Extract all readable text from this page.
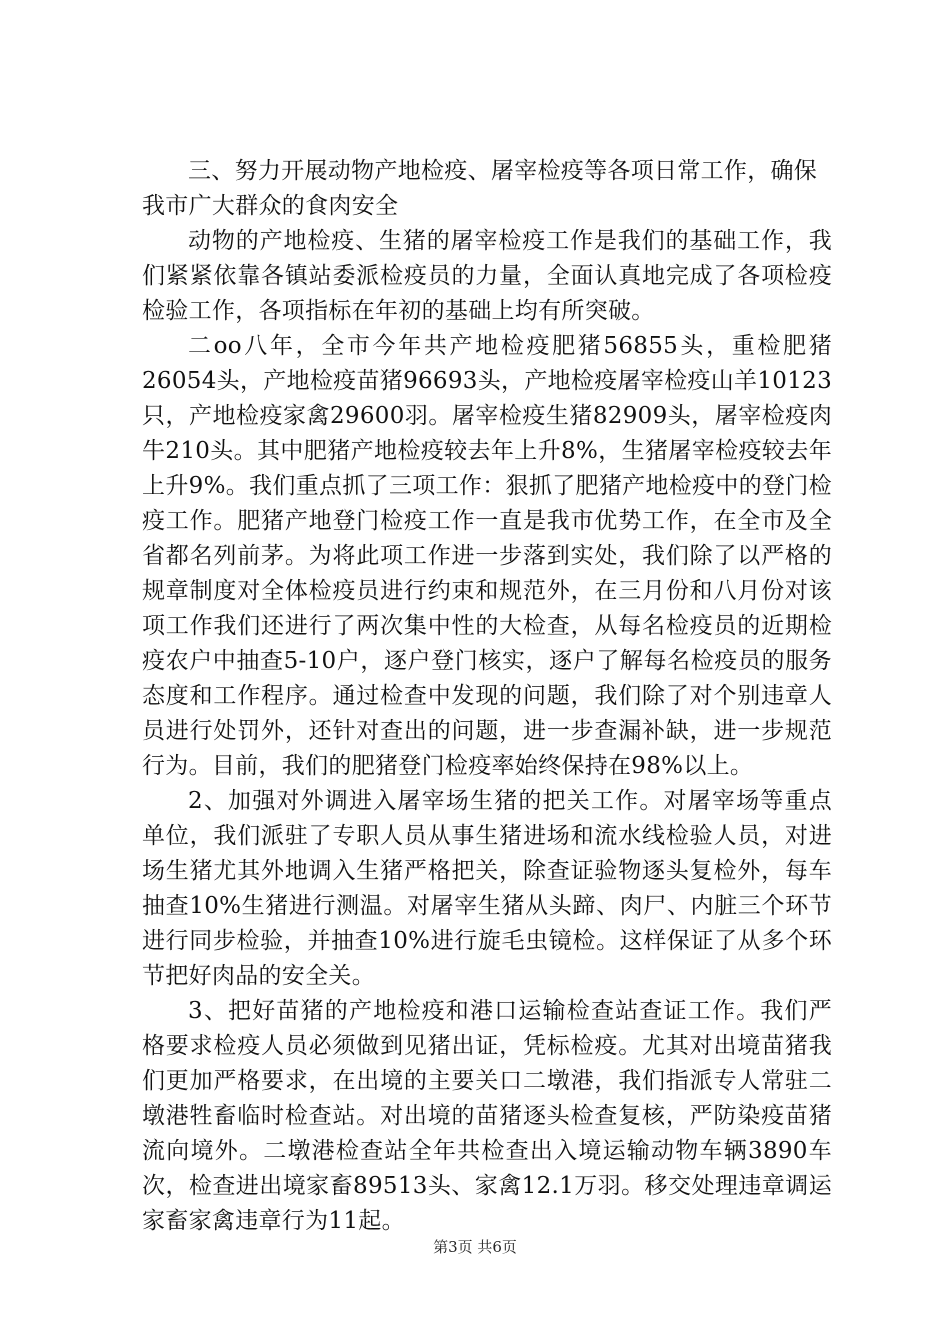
三、努力开展动物产地检疫、屠宰检疫等各项日常工作，确保我市广大群众的食肉安全

动物的产地检疫、生猪的屠宰检疫工作是我们的基础工作，我们紧紧依靠各镇站委派检疫员的力量，全面认真地完成了各项检疫检验工作，各项指标在年初的基础上均有所突破。

二oo八年，全市今年共产地检疫肥猪56855头，重检肥猪26054头，产地检疫苗猪96693头，产地检疫屠宰检疫山羊10123只，产地检疫家禽29600羽。屠宰检疫生猪82909头，屠宰检疫肉牛210头。其中肥猪产地检疫较去年上升8%，生猪屠宰检疫较去年上升9%。我们重点抓了三项工作：狠抓了肥猪产地检疫中的登门检疫工作。肥猪产地登门检疫工作一直是我市优势工作，在全市及全省都名列前茅。为将此项工作进一步落到实处，我们除了以严格的规章制度对全体检疫员进行约束和规范外，在三月份和八月份对该项工作我们还进行了两次集中性的大检查，从每名检疫员的近期检疫农户中抽查5-10户，逐户登门核实，逐户了解每名检疫员的服务态度和工作程序。通过检查中发现的问题，我们除了对个别违章人员进行处罚外，还针对查出的问题，进一步查漏补缺，进一步规范行为。目前，我们的肥猪登门检疫率始终保持在98%以上。

2、加强对外调进入屠宰场生猪的把关工作。对屠宰场等重点单位，我们派驻了专职人员从事生猪进场和流水线检验人员，对进场生猪尤其外地调入生猪严格把关，除查证验物逐头复检外，每车抽查10%生猪进行测温。对屠宰生猪从头蹄、肉尸、内脏三个环节进行同步检验，并抽查10%进行旋毛虫镜检。这样保证了从多个环节把好肉品的安全关。

3、把好苗猪的产地检疫和港口运输检查站查证工作。我们严格要求检疫人员必须做到见猪出证，凭标检疫。尤其对出境苗猪我们更加严格要求，在出境的主要关口二墩港，我们指派专人常驻二墩港牲畜临时检查站。对出境的苗猪逐头检查复核，严防染疫苗猪流向境外。二墩港检查站全年共检查出入境运输动物车辆3890车次，检查进出境家畜89513头、家禽12.1万羽。移交处理违章调运家畜家禽违章行为11起。

第3页 共6页
